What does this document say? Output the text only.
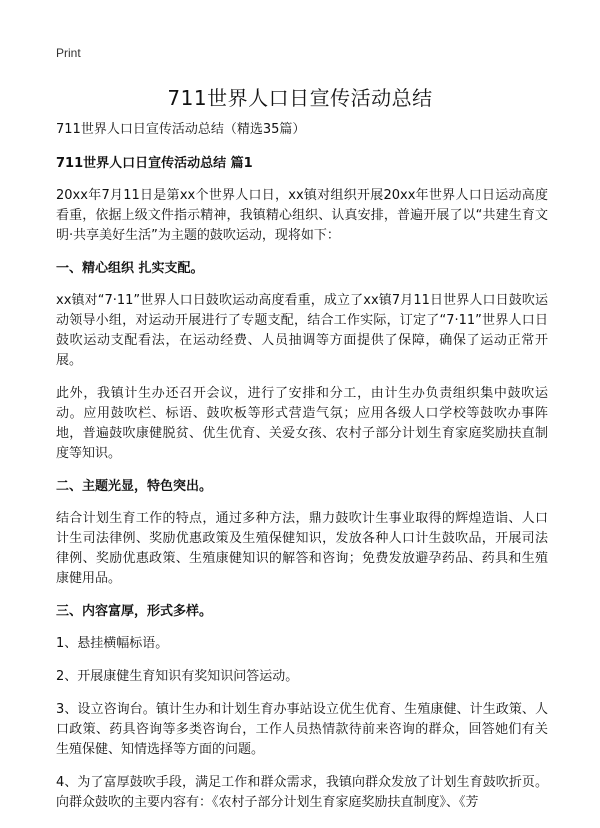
Print
711世界人口日宣传活动总结

711世界人口日宣传活动总结（精选35篇）

711世界人口日宣传活动总结 篇1

20xx年7月11日是第xx个世界人口日，xx镇对组织开展20xx年世界人口日运动高度看重，依据上级文件指示精神，我镇精心组织、认真安排，普遍开展了以“共建生育文明·共享美好生活”为主题的鼓吹运动，现将如下：

一、精心组织 扎实支配。

xx镇对“7·11”世界人口日鼓吹运动高度看重，成立了xx镇7月11日世界人口日鼓吹运动领导小组，对运动开展进行了专题支配，结合工作实际，订定了“7·11”世界人口日鼓吹运动支配看法，在运动经费、人员抽调等方面提供了保障，确保了运动正常开展。

此外，我镇计生办还召开会议，进行了安排和分工，由计生办负责组织集中鼓吹运动。应用鼓吹栏、标语、鼓吹板等形式营造气氛；应用各级人口学校等鼓吹办事阵地，普遍鼓吹康健脱贫、优生优育、关爱女孩、农村子部分计划生育家庭奖励扶直制度等知识。

二、主题光显，特色突出。

结合计划生育工作的特点，通过多种方法，鼎力鼓吹计生事业取得的辉煌造诣、人口计生司法律例、奖励优惠政策及生殖保健知识，发放各种人口计生鼓吹品，开展司法律例、奖励优惠政策、生殖康健知识的解答和咨询；免费发放避孕药品、药具和生殖康健用品。

三、内容富厚，形式多样。

1、悬挂横幅标语。

2、开展康健生育知识有奖知识问答运动。

3、设立咨询台。镇计生办和计划生育办事站设立优生优育、生殖康健、计生政策、人口政策、药具咨询等多类咨询台，工作人员热情款待前来咨询的群众，回答她们有关生殖保健、知情选择等方面的问题。

4、为了富厚鼓吹手段，满足工作和群众需求，我镇向群众发放了计划生育鼓吹折页。向群众鼓吹的主要内容有：《农村子部分计划生育家庭奖励扶直制度》、《芳
